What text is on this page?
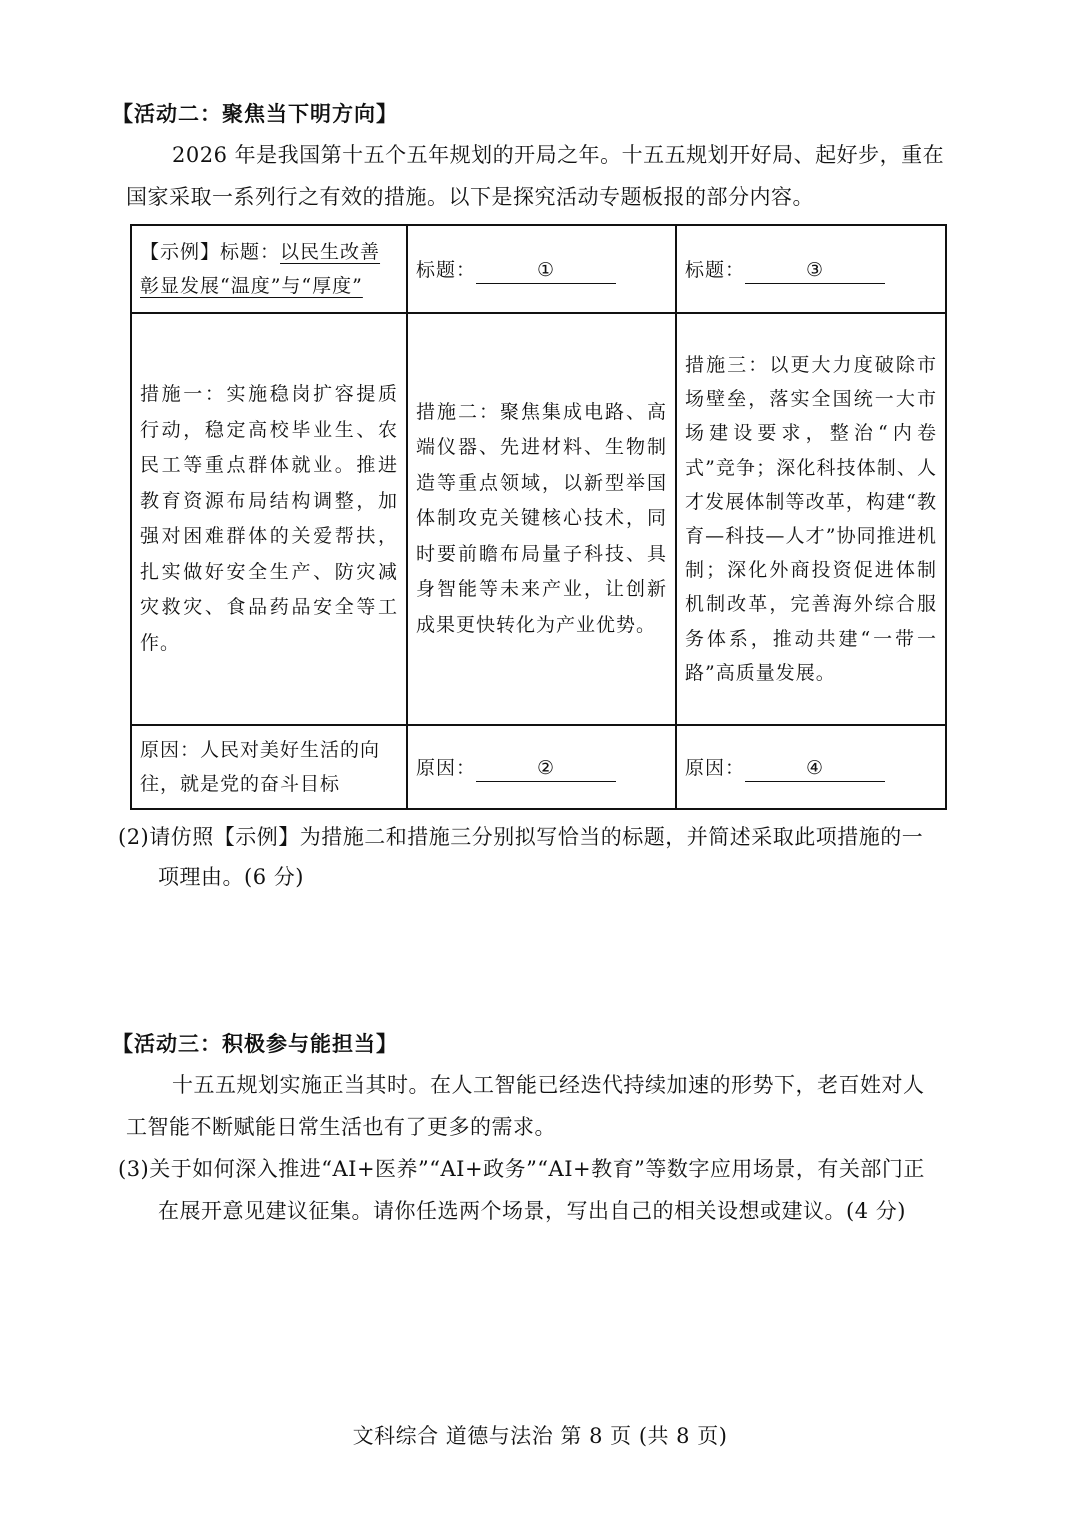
【活动二：聚焦当下明方向】
2026 年是我国第十五个五年规划的开局之年。十五五规划开好局、起好步，重在
国家采取一系列行之有效的措施。以下是探究活动专题板报的部分内容。
【示例】标题：以民生改善
彰显发展“温度”与“厚度”	标题： ①	标题： ③

措施一：实施稳岗扩容提质行动，稳定高校毕业生、农民工等重点群体就业。推进教育资源布局结构调整，加强对困难群体的关爱帮扶，扎实做好安全生产、防灾减灾救灾、食品药品安全等工作。	措施二：聚焦集成电路、高端仪器、先进材料、生物制造等重点领域，以新型举国体制攻克关键核心技术，同时要前瞻布局量子科技、具身智能等未来产业，让创新成果更快转化为产业优势。	措施三：以更大力度破除市场壁垒，落实全国统一大市场建设要求，整治“内卷式”竞争；深化科技体制、人才发展体制等改革，构建“教育—科技—人才”协同推进机制；深化外商投资促进体制机制改革，完善海外综合服务体系，推动共建“一带一路”高质量发展。

原因：人民对美好生活的向往，就是党的奋斗目标	原因： ②	原因： ④
(2)请仿照【示例】为措施二和措施三分别拟写恰当的标题，并简述采取此项措施的一
项理由。(6 分)
【活动三：积极参与能担当】
十五五规划实施正当其时。在人工智能已经迭代持续加速的形势下，老百姓对人
工智能不断赋能日常生活也有了更多的需求。
(3)关于如何深入推进“AI+医养”“AI+政务”“AI+教育”等数字应用场景，有关部门正
在展开意见建议征集。请你任选两个场景，写出自己的相关设想或建议。(4 分)
文科综合 道德与法治 第 8 页 (共 8 页)
